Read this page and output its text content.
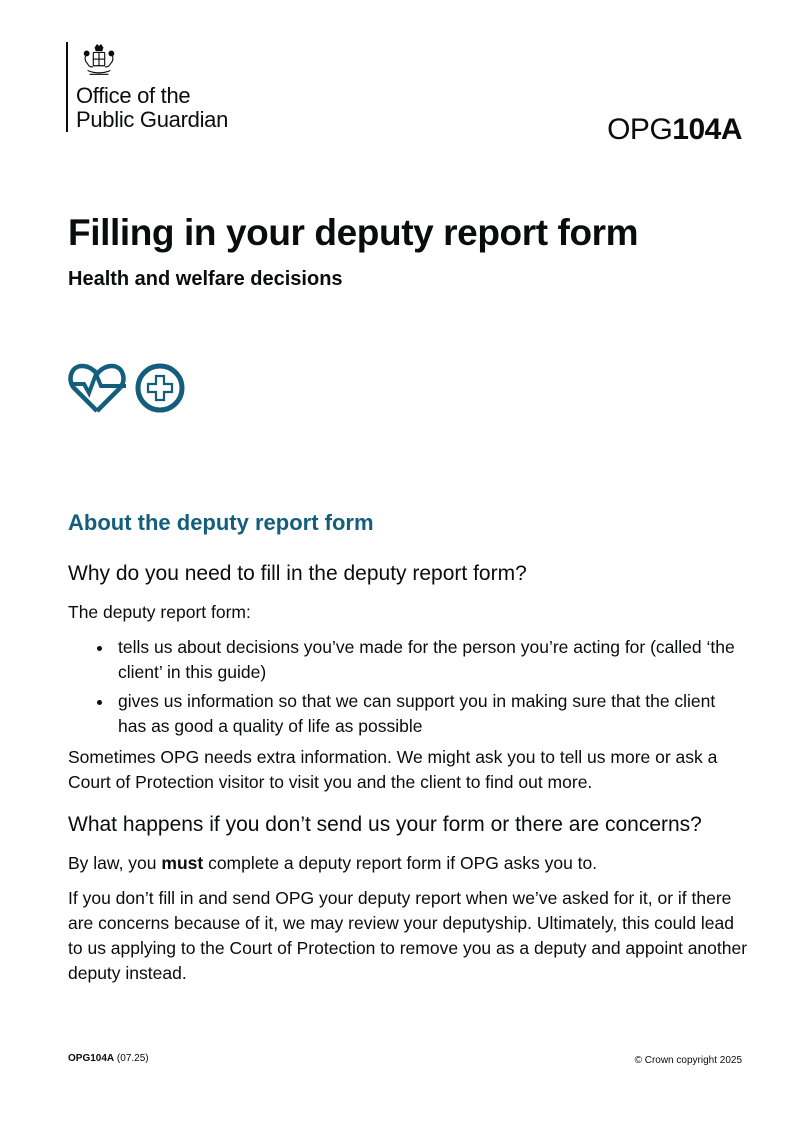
Office of the
Public Guardian	OPG104A
Filling in your deputy report form
Health and welfare decisions
About the deputy report form
Why do you need to fill in the deputy report form?

The deputy report form:

• tells us about decisions you’ve made for the person you’re acting for (called ‘the client’ in this guide)
• gives us information so that we can support you in making sure that the client has as good a quality of life as possible

Sometimes OPG needs extra information. We might ask you to tell us more or ask a Court of Protection visitor to visit you and the client to find out more.

What happens if you don’t send us your form or there are concerns?

By law, you must complete a deputy report form if OPG asks you to.

If you don’t fill in and send OPG your deputy report when we’ve asked for it, or if there are concerns because of it, we may review your deputyship. Ultimately, this could lead to us applying to the Court of Protection to remove you as a deputy and appoint another deputy instead.

OPG104A (07.25)	© Crown copyright 2025
